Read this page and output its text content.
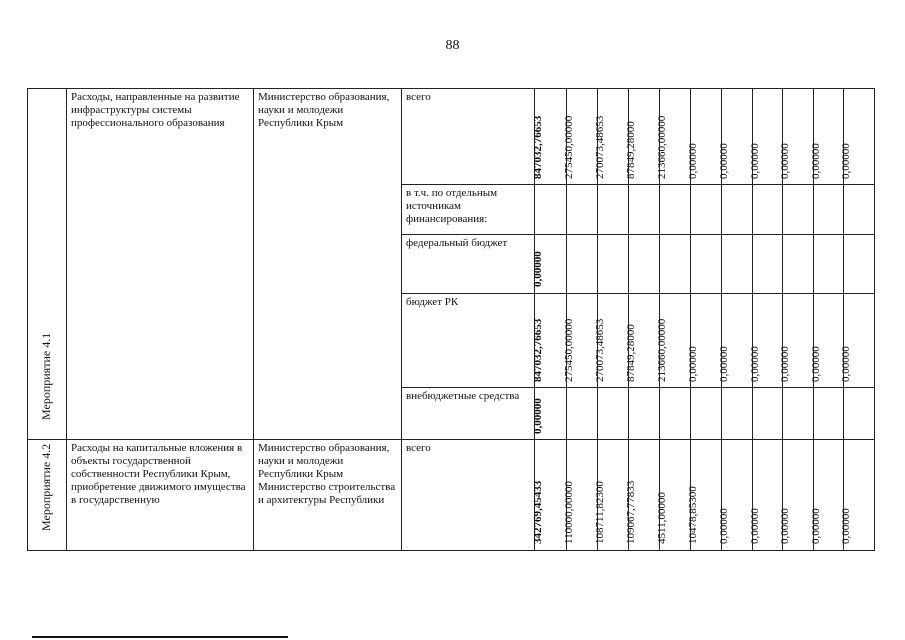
88
Мероприятие 4.1	Расходы, направленные на развитие инфраструктуры системы профессионального образования	Министерство образования, науки и молодежи Республики Крым	всего	847032,76653	275450,00000	270073,48653	87849,28000	213660,00000	0,00000	0,00000	0,00000	0,00000	0,00000	0,00000

			в т.ч. по отдельным источникам финансирования:	

			федеральный бюджет	0,00000										

			бюджет РК	847032,76653	275450,00000	270073,48653	87849,28000	213660,00000	0,00000	0,00000	0,00000	0,00000	0,00000	0,00000

			внебюджетные средства	0,00000										

Мероприятие 4.2	Расходы на капитальные вложения в объекты государственной собственности Республики Крым, приобретение движимого имущества в государственную	Министерство образования, науки и молодежи Республики Крым Министерство строительства и архитектуры Республики	всего	342769,45433	110000,00000	108711,82300	109067,77833	4511,00000	10478,85300	0,00000	0,00000	0,00000	0,00000	0,00000
